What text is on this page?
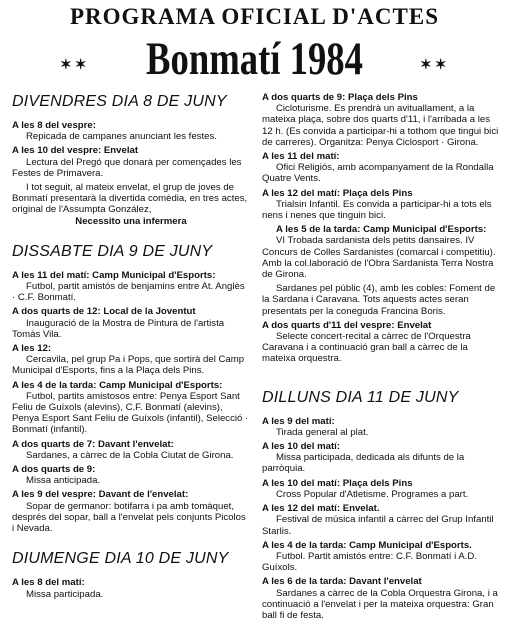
PROGRAMA OFICIAL D'ACTES
✶✶	Bonmatí 1984	✶✶
DIVENDRES DIA 8 DE JUNY
A les 8 del vespre:
Repicada de campanes anunciant les festes.
A les 10 del vespre: Envelat
Lectura del Pregó que donarà per començades les Festes de Primavera.
I tot seguit, al mateix envelat, el grup de joves de Bonmatí presentarà la divertida comèdia, en tres actes, original de l'Assumpta González,
Necessito una infermera
DISSABTE DIA 9 DE JUNY
A les 11 del matí: Camp Municipal d'Esports:
Futbol, partit amistós de benjamins entre At. Anglès · C.F. Bonmatí.
A dos quarts de 12: Local de la Joventut
Inauguració de la Mostra de Pintura de l'artista Tomàs Vila.
A les 12:
Cercavila, pel grup Pa i Pops, que sortirà del Camp Municipal d'Esports, fins a la Plaça dels Pins.
A les 4 de la tarda: Camp Municipal d'Esports:
Futbol, partits amistosos entre: Penya Esport Sant Feliu de Guíxols (alevins), C.F. Bonmatí (alevins), Penya Esport Sant Feliu de Guíxols (infantil), Selecció · Bonmatí (infantil).
A dos quarts de 7: Davant l'envelat:
Sardanes, a càrrec de la Cobla Ciutat de Girona.
A dos quarts de 9:
Missa anticipada.
A les 9 del vespre: Davant de l'envelat:
Sopar de germanor: botifarra i pa amb tomàquet, després del sopar, ball a l'envelat pels conjunts Picolos i Nevada.
DIUMENGE DIA 10 DE JUNY
A les 8 del matí:
Missa participada.
A dos quarts de 9: Plaça dels Pins
Cicloturisme. Es prendrà un avituallament, a la mateixa plaça, sobre dos quarts d'11, i l'arribada a les 12 h. (Es convida a participar-hi a tothom que tingui bici de carreres). Organitza: Penya Ciclosport · Girona.
A les 11 del matí:
Ofici Religiós, amb acompanyament de la Rondalla Quatre Vents.
A les 12 del matí: Plaça dels Pins
Trialsin Infantil. Es convida a participar-hi a tots els nens i nenes que tinguin bici.
A les 5 de la tarda: Camp Municipal d'Esports:
VI Trobada sardanista dels petits dansaires. IV Concurs de Colles Sardanistes (comarcal i competitiu). Amb la col.laboració de l'Obra Sardanista Terra Nostra de Girona.
Sardanes pel públic (4), amb les cobles: Foment de la Sardana i Caravana. Tots aquests actes seran presentats per la coneguda Francina Boris.
A dos quarts d'11 del vespre: Envelat
Selecte concert-recital a càrrec de l'Orquestra Caravana i a continuació gran ball a càrrec de la mateixa orquestra.
DILLUNS DIA 11 DE JUNY
A les 9 del matí:
Tirada general al plat.
A les 10 del matí:
Missa participada, dedicada als difunts de la parròquia.
A les 10 del matí: Plaça dels Pins
Cross Popular d'Atletisme. Programes a part.
A les 12 del matí: Envelat.
Festival de música infantil a càrrec del Grup Infantil Starlis.
A les 4 de la tarda: Camp Municipal d'Esports.
Futbol. Partit amistós entre: C.F. Bonmatí i A.D. Guíxols.
A les 6 de la tarda: Davant l'envelat
Sardanes a càrrec de la Cobla Orquestra Girona, i a continuació a l'envelat i per la mateixa orquestra: Gran ball fi de festa.
